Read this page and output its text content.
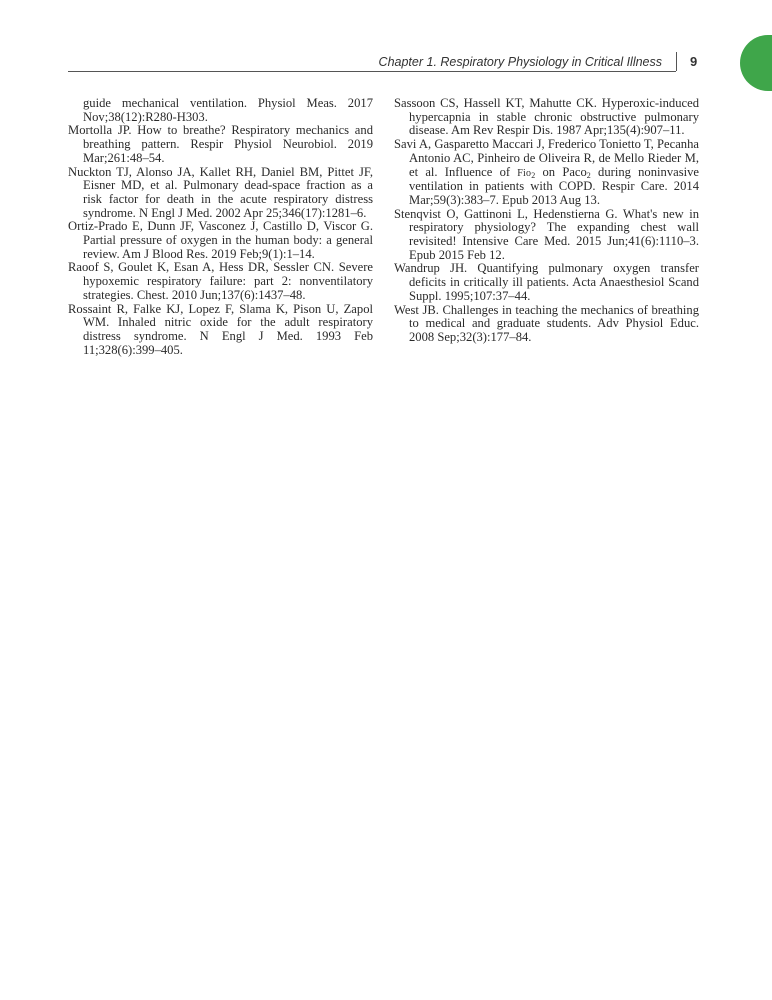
Chapter 1. Respiratory Physiology in Critical Illness 9

guide mechanical ventilation. Physiol Meas. 2017 Nov;38(12):R280-H303.

Mortolla JP. How to breathe? Respiratory mechanics and breathing pattern. Respir Physiol Neurobiol. 2019 Mar;261:48–54.

Nuckton TJ, Alonso JA, Kallet RH, Daniel BM, Pittet JF, Eisner MD, et al. Pulmonary dead-space fraction as a risk factor for death in the acute respiratory distress syndrome. N Engl J Med. 2002 Apr 25;346(17):1281–6.

Ortiz-Prado E, Dunn JF, Vasconez J, Castillo D, Viscor G. Partial pressure of oxygen in the human body: a general review. Am J Blood Res. 2019 Feb;9(1):1–14.

Raoof S, Goulet K, Esan A, Hess DR, Sessler CN. Severe hypoxemic respiratory failure: part 2: nonventilatory strategies. Chest. 2010 Jun;137(6):1437–48.

Rossaint R, Falke KJ, Lopez F, Slama K, Pison U, Zapol WM. Inhaled nitric oxide for the adult respiratory distress syndrome. N Engl J Med. 1993 Feb 11;328(6):399–405.

Sassoon CS, Hassell KT, Mahutte CK. Hyperoxic-induced hypercapnia in stable chronic obstructive pulmonary disease. Am Rev Respir Dis. 1987 Apr;135(4):907–11.

Savi A, Gasparetto Maccari J, Frederico Tonietto T, Pecanha Antonio AC, Pinheiro de Oliveira R, de Mello Rieder M, et al. Influence of Fio$_2$ on Paco$_2$ during noninvasive ventilation in patients with COPD. Respir Care. 2014 Mar;59(3):383–7. Epub 2013 Aug 13.

Stenqvist O, Gattinoni L, Hedenstierna G. What's new in respiratory physiology? The expanding chest wall revisited! Intensive Care Med. 2015 Jun;41(6):1110–3. Epub 2015 Feb 12.

Wandrup JH. Quantifying pulmonary oxygen transfer deficits in critically ill patients. Acta Anaesthesiol Scand Suppl. 1995;107:37–44.

West JB. Challenges in teaching the mechanics of breathing to medical and graduate students. Adv Physiol Educ. 2008 Sep;32(3):177–84.
